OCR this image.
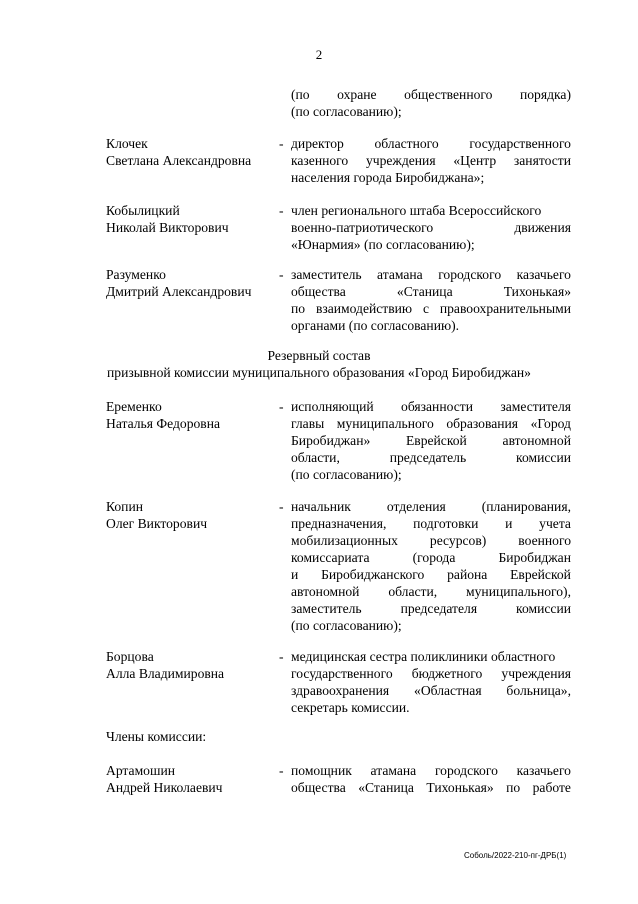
2
(по охране общественного порядка)
(по согласованию);
Клочек
Светлана Александровна
- директор областного государственного
казенного учреждения «Центр занятости
населения города Биробиджана»;
Кобылицкий
Николай Викторович
- член регионального штаба Всероссийского
военно-патриотического	движения
«Юнармия» (по согласованию);
Разуменко
Дмитрий Александрович
- заместитель атамана городского казачьего
общества	«Станица	Тихонькая»
по взаимодействию с правоохранительными
органами (по согласованию).
Резервный состав
призывной комиссии муниципального образования «Город Биробиджан»
Еременко
Наталья Федоровна
- исполняющий обязанности заместителя
главы муниципального образования «Город
Биробиджан»	Еврейской	автономной
области,	председатель	комиссии
(по согласованию);
Копин
Олег Викторович
- начальник	отделения	(планирования,
предназначения, подготовки и учета
мобилизационных ресурсов) военного
комиссариата	(города	Биробиджан
и Биробиджанского района Еврейской
автономной области, муниципального),
заместитель	председателя	комиссии
(по согласованию);
Борцова
Алла Владимировна
- медицинская сестра поликлиники областного
государственного бюджетного учреждения
здравоохранения «Областная больница»,
секретарь комиссии.
Члены комиссии:
Артамошин
Андрей Николаевич
- помощник атамана городского казачьего
общества «Станица Тихонькая» по работе
Соболь/2022-210-пг-ДРБ(1)
